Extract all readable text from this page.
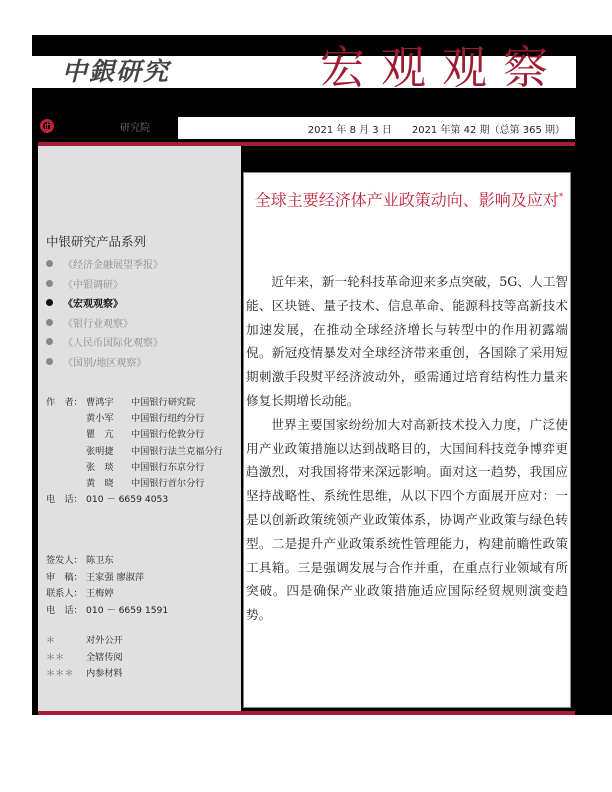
中銀研究	宏观观察
研究院	2021 年 8 月 3 日　　 2021 年第 42 期（总第 365 期）
中银研究产品系列
《经济金融展望季报》
《中银调研》
《宏观观察》
《银行业观察》
《人民币国际化观察》
《国别/地区观察》
作　者： 曹鸿宇	中国银行研究院
黄小军	中国银行纽约分行
瞿　亢	中国银行伦敦分行
张明捷	中国银行法兰克福分行
张　琰	中国银行东京分行
黄　晓	中国银行首尔分行
电　话： 010 － 6659 4053
签发人： 陈卫东
审　稿： 王家强 廖淑萍
联系人： 王梅婷
电　话： 010 － 6659 1591
＊	对外公开
＊＊	全辖传阅
＊＊＊	内参材料
全球主要经济体产业政策动向、影响及应对*

近年来，新一轮科技革命迎来多点突破，5G、人工智能、区块链、量子技术、信息革命、能源科技等高新技术加速发展，在推动全球经济增长与转型中的作用初露端倪。新冠疫情暴发对全球经济带来重创，各国除了采用短期刺激手段熨平经济波动外，亟需通过培育结构性力量来修复长期增长动能。

世界主要国家纷纷加大对高新技术投入力度，广泛使用产业政策措施以达到战略目的，大国间科技竞争博弈更趋激烈，对我国将带来深远影响。面对这一趋势，我国应坚持战略性、系统性思维，从以下四个方面展开应对：一是以创新政策统领产业政策体系，协调产业政策与绿色转型。二是提升产业政策系统性管理能力，构建前瞻性政策工具箱。三是强调发展与合作并重，在重点行业领域有所突破。四是确保产业政策措施适应国际经贸规则演变趋势。
